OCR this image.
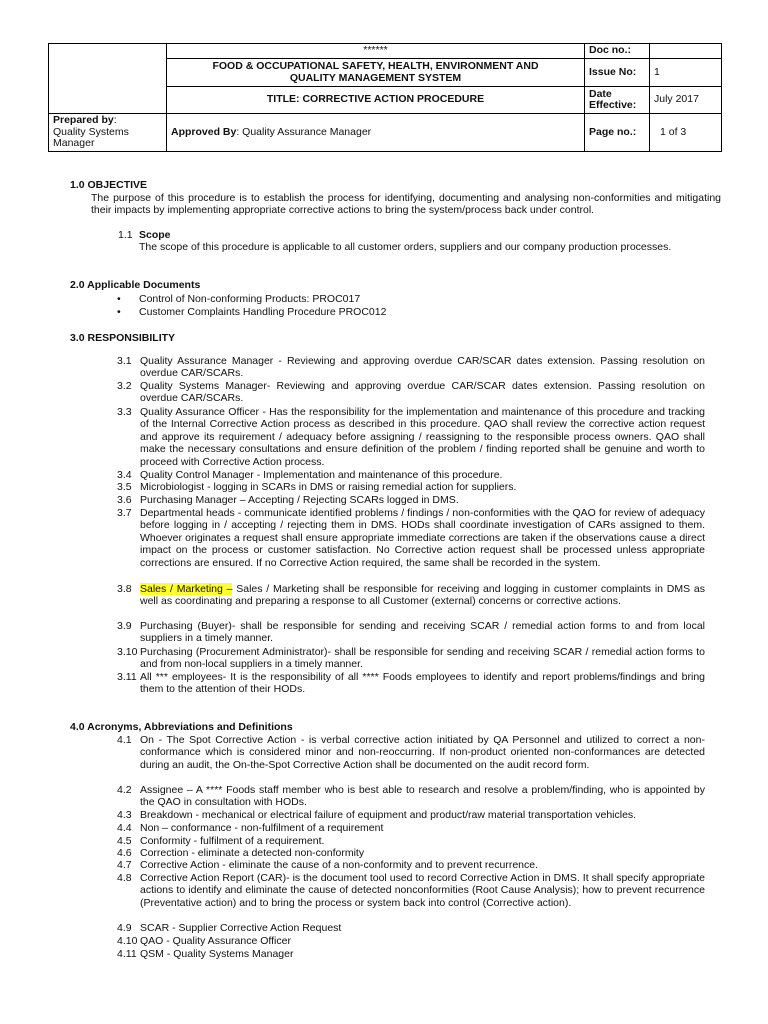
	******	Doc no.:	

	FOOD & OCCUPATIONAL SAFETY, HEALTH, ENVIRONMENT AND
QUALITY MANAGEMENT SYSTEM	Issue No:	1
	TITLE: CORRECTIVE ACTION PROCEDURE	Date
Effective:	July 2017

Prepared by:
Quality Systems
Manager	Approved By: Quality Assurance Manager	Page no.:	1 of 3
1.0 OBJECTIVE

The purpose of this procedure is to establish the process for identifying, documenting and analysing non-conformities and mitigating their impacts by implementing appropriate corrective actions to bring the system/process back under control.

1.1 Scope

The scope of this procedure is applicable to all customer orders, suppliers and our company production processes.

2.0 Applicable Documents
• Control of Non-conforming Products: PROC017
• Customer Complaints Handling Procedure PROC012
3.0 RESPONSIBILITY
3.1 Quality Assurance Manager - Reviewing and approving overdue CAR/SCAR dates extension. Passing resolution on overdue CAR/SCARs.

3.2 Quality Systems Manager- Reviewing and approving overdue CAR/SCAR dates extension. Passing resolution on overdue CAR/SCARs.

3.3 Quality Assurance Officer - Has the responsibility for the implementation and maintenance of this procedure and tracking of the Internal Corrective Action process as described in this procedure. QAO shall review the corrective action request and approve its requirement / adequacy before assigning / reassigning to the responsible process owners. QAO shall make the necessary consultations and ensure definition of the problem / finding reported shall be genuine and worth to proceed with Corrective Action process.

3.4 Quality Control Manager - Implementation and maintenance of this procedure.

3.5 Microbiologist - logging in SCARs in DMS or raising remedial action for suppliers.

3.6 Purchasing Manager – Accepting / Rejecting SCARs logged in DMS.

3.7 Departmental heads - communicate identified problems / findings / non-conformities with the QAO for review of adequacy before logging in / accepting / rejecting them in DMS. HODs shall coordinate investigation of CARs assigned to them. Whoever originates a request shall ensure appropriate immediate corrections are taken if the observations cause a direct impact on the process or customer satisfaction. No Corrective action request shall be processed unless appropriate corrections are ensured. If no Corrective Action required, the same shall be recorded in the system.

3.8 Sales / Marketing – Sales / Marketing shall be responsible for receiving and logging in customer complaints in DMS as well as coordinating and preparing a response to all Customer (external) concerns or corrective actions.

3.9 Purchasing (Buyer)- shall be responsible for sending and receiving SCAR / remedial action forms to and from local suppliers in a timely manner.

3.10 Purchasing (Procurement Administrator)- shall be responsible for sending and receiving SCAR / remedial action forms to and from non-local suppliers in a timely manner.

3.11 All *** employees- It is the responsibility of all **** Foods employees to identify and report problems/findings and bring them to the attention of their HODs.

4.0 Acronyms, Abbreviations and Definitions
4.1 On - The Spot Corrective Action - is verbal corrective action initiated by QA Personnel and utilized to correct a non-conformance which is considered minor and non-reoccurring. If non-product oriented non-conformances are detected during an audit, the On-the-Spot Corrective Action shall be documented on the audit record form.

4.2 Assignee – A **** Foods staff member who is best able to research and resolve a problem/finding, who is appointed by the QAO in consultation with HODs.

4.3 Breakdown - mechanical or electrical failure of equipment and product/raw material transportation vehicles.

4.4 Non – conformance - non-fulfilment of a requirement

4.5 Conformity - fulfilment of a requirement.

4.6 Correction - eliminate a detected non-conformity

4.7 Corrective Action - eliminate the cause of a non-conformity and to prevent recurrence.

4.8 Corrective Action Report (CAR)- is the document tool used to record Corrective Action in DMS. It shall specify appropriate actions to identify and eliminate the cause of detected nonconformities (Root Cause Analysis); how to prevent recurrence (Preventative action) and to bring the process or system back into control (Corrective action).

4.9 SCAR - Supplier Corrective Action Request

4.10 QAO - Quality Assurance Officer

4.11 QSM - Quality Systems Manager
